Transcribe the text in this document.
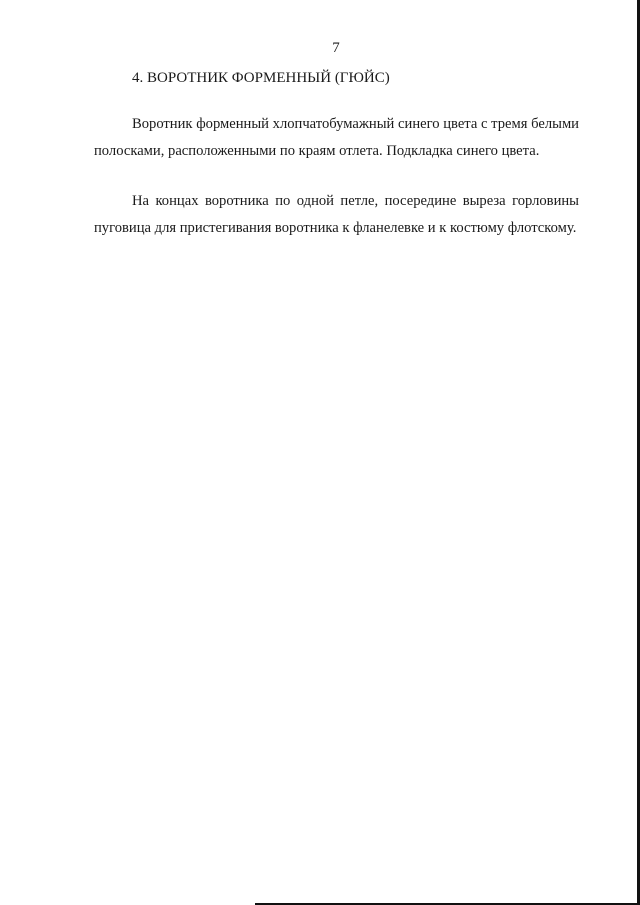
7
4. ВОРОТНИК ФОРМЕННЫЙ (ГЮЙС)

Воротник форменный хлопчатобумажный синего цвета с тремя белыми полосками, расположенными по краям отлета. Подкладка синего цвета.

На концах воротника по одной петле, посередине выреза горловины пуговица для пристегивания воротника к фланелевке и к костюму флотскому.
